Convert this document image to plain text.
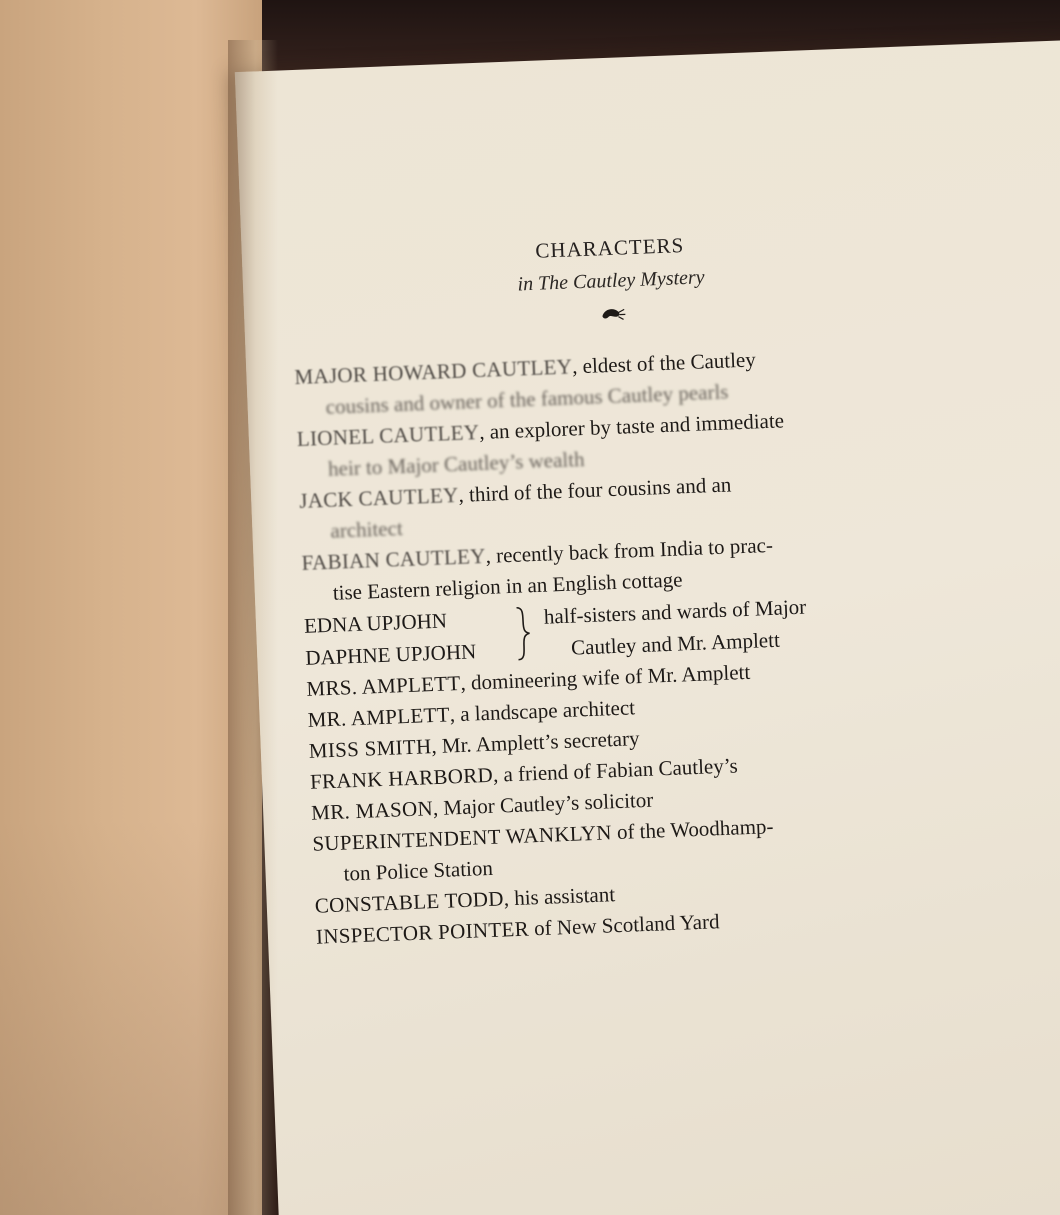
CHARACTERS
in The Cautley Mystery
MAJOR HOWARD CAUTLEY, eldest of the Cautley
cousins and owner of the famous Cautley pearls
LIONEL CAUTLEY, an explorer by taste and immediate
heir to Major Cautley’s wealth
JACK CAUTLEY, third of the four cousins and an
architect
FABIAN CAUTLEY, recently back from India to prac-
tise Eastern religion in an English cottage
EDNA UPJOHN
DAPHNE UPJOHN
half-sisters and wards of Major
Cautley and Mr. Amplett
MRS. AMPLETT, domineering wife of Mr. Amplett
MR. AMPLETT, a landscape architect
MISS SMITH, Mr. Amplett’s secretary
FRANK HARBORD, a friend of Fabian Cautley’s
MR. MASON, Major Cautley’s solicitor
SUPERINTENDENT WANKLYN of the Woodhamp-
ton Police Station
CONSTABLE TODD, his assistant
INSPECTOR POINTER of New Scotland Yard
